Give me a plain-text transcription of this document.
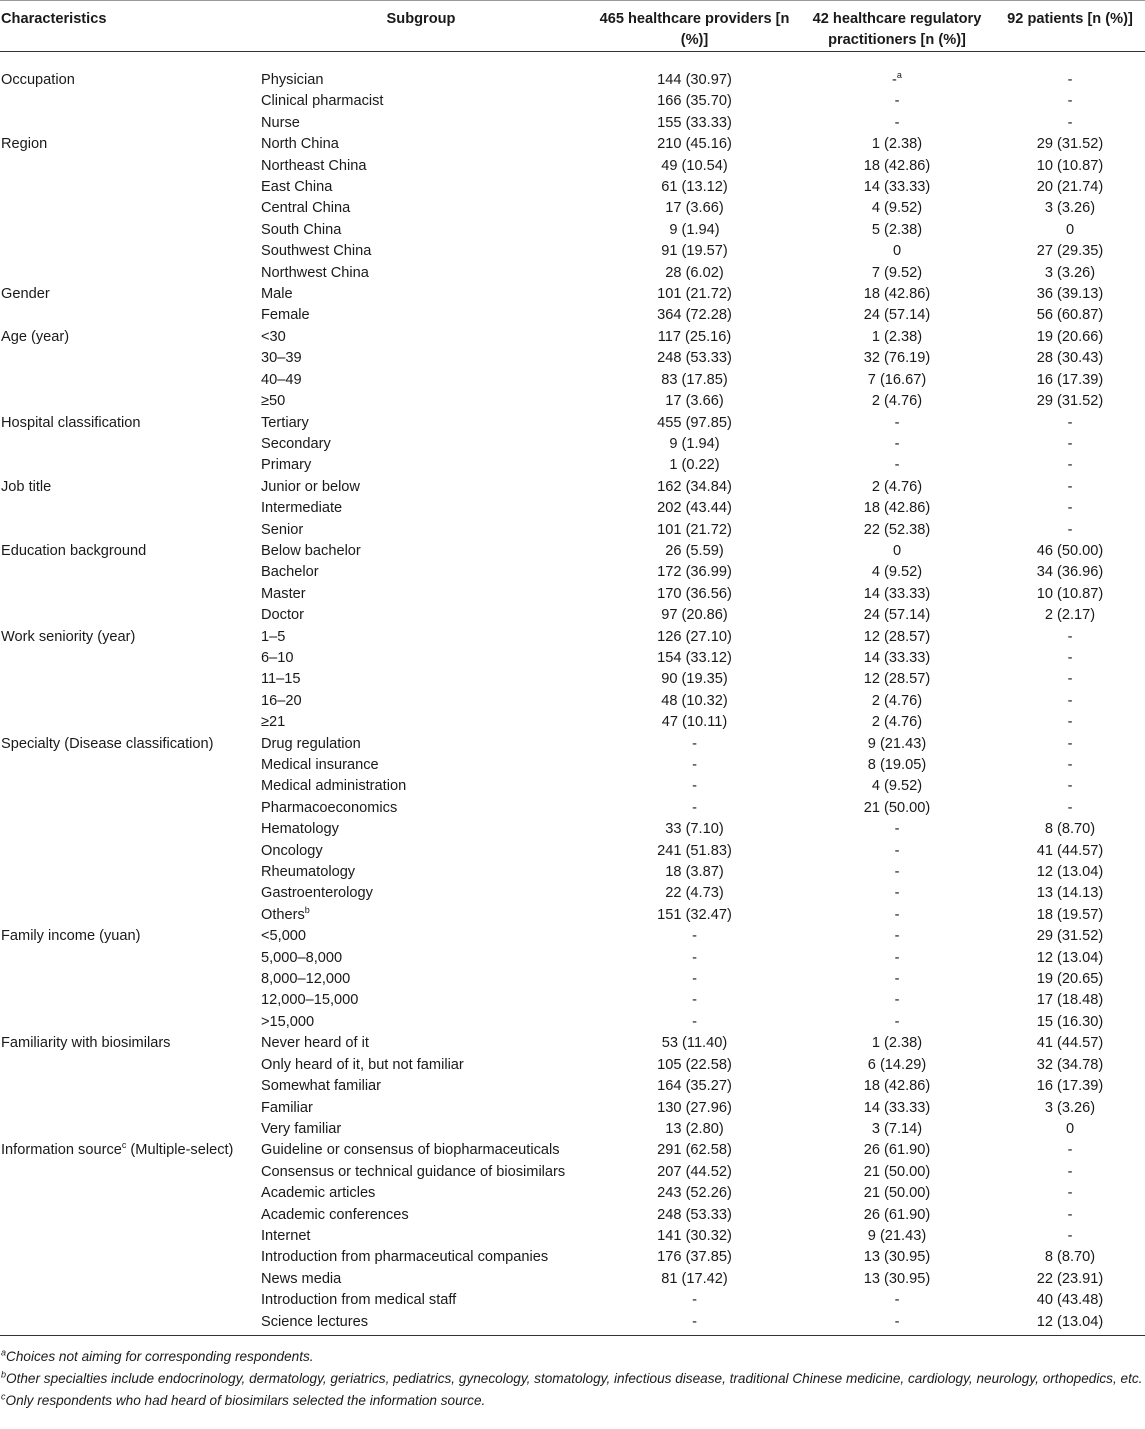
Characteristics	Subgroup	465 healthcare providers [n (%)]	42 healthcare regulatory practitioners [n (%)]	92 patients [n (%)]
Occupation	Physician	144 (30.97)	-$^a$	-
	Clinical pharmacist	166 (35.70)	-	-
	Nurse	155 (33.33)	-	-
Region	North China	210 (45.16)	1 (2.38)	29 (31.52)
	Northeast China	49 (10.54)	18 (42.86)	10 (10.87)
	East China	61 (13.12)	14 (33.33)	20 (21.74)
	Central China	17 (3.66)	4 (9.52)	3 (3.26)
	South China	9 (1.94)	5 (2.38)	0
	Southwest China	91 (19.57)	0	27 (29.35)
	Northwest China	28 (6.02)	7 (9.52)	3 (3.26)
Gender	Male	101 (21.72)	18 (42.86)	36 (39.13)
	Female	364 (72.28)	24 (57.14)	56 (60.87)
Age (year)	<30	117 (25.16)	1 (2.38)	19 (20.66)
	30–39	248 (53.33)	32 (76.19)	28 (30.43)
	40–49	83 (17.85)	7 (16.67)	16 (17.39)
	≥50	17 (3.66)	2 (4.76)	29 (31.52)
Hospital classification	Tertiary	455 (97.85)	-	-
	Secondary	9 (1.94)	-	-
	Primary	1 (0.22)	-	-
Job title	Junior or below	162 (34.84)	2 (4.76)	-
	Intermediate	202 (43.44)	18 (42.86)	-
	Senior	101 (21.72)	22 (52.38)	-
Education background	Below bachelor	26 (5.59)	0	46 (50.00)
	Bachelor	172 (36.99)	4 (9.52)	34 (36.96)
	Master	170 (36.56)	14 (33.33)	10 (10.87)
	Doctor	97 (20.86)	24 (57.14)	2 (2.17)
Work seniority (year)	1–5	126 (27.10)	12 (28.57)	-
	6–10	154 (33.12)	14 (33.33)	-
	11–15	90 (19.35)	12 (28.57)	-
	16–20	48 (10.32)	2 (4.76)	-
	≥21	47 (10.11)	2 (4.76)	-
Specialty (Disease classification)	Drug regulation	-	9 (21.43)	-
	Medical insurance	-	8 (19.05)	-
	Medical administration	-	4 (9.52)	-
	Pharmacoeconomics	-	21 (50.00)	-
	Hematology	33 (7.10)	-	8 (8.70)
	Oncology	241 (51.83)	-	41 (44.57)
	Rheumatology	18 (3.87)	-	12 (13.04)
	Gastroenterology	22 (4.73)	-	13 (14.13)
	Others$^b$	151 (32.47)	-	18 (19.57)
Family income (yuan)	<5,000	-	-	29 (31.52)
	5,000–8,000	-	-	12 (13.04)
	8,000–12,000	-	-	19 (20.65)
	12,000–15,000	-	-	17 (18.48)
	>15,000	-	-	15 (16.30)
Familiarity with biosimilars	Never heard of it	53 (11.40)	1 (2.38)	41 (44.57)
	Only heard of it, but not familiar	105 (22.58)	6 (14.29)	32 (34.78)
	Somewhat familiar	164 (35.27)	18 (42.86)	16 (17.39)
	Familiar	130 (27.96)	14 (33.33)	3 (3.26)
	Very familiar	13 (2.80)	3 (7.14)	0
Information source$^c$ (Multiple-select)	Guideline or consensus of biopharmaceuticals	291 (62.58)	26 (61.90)	-
	Consensus or technical guidance of biosimilars	207 (44.52)	21 (50.00)	-
	Academic articles	243 (52.26)	21 (50.00)	-
	Academic conferences	248 (53.33)	26 (61.90)	-
	Internet	141 (30.32)	9 (21.43)	-
	Introduction from pharmaceutical companies	176 (37.85)	13 (30.95)	8 (8.70)
	News media	81 (17.42)	13 (30.95)	22 (23.91)
	Introduction from medical staff	-	-	40 (43.48)
	Science lectures	-	-	12 (13.04)

$^a$Choices not aiming for corresponding respondents.

$^b$Other specialties include endocrinology, dermatology, geriatrics, pediatrics, gynecology, stomatology, infectious disease, traditional Chinese medicine, cardiology, neurology, orthopedics, etc.

$^c$Only respondents who had heard of biosimilars selected the information source.
